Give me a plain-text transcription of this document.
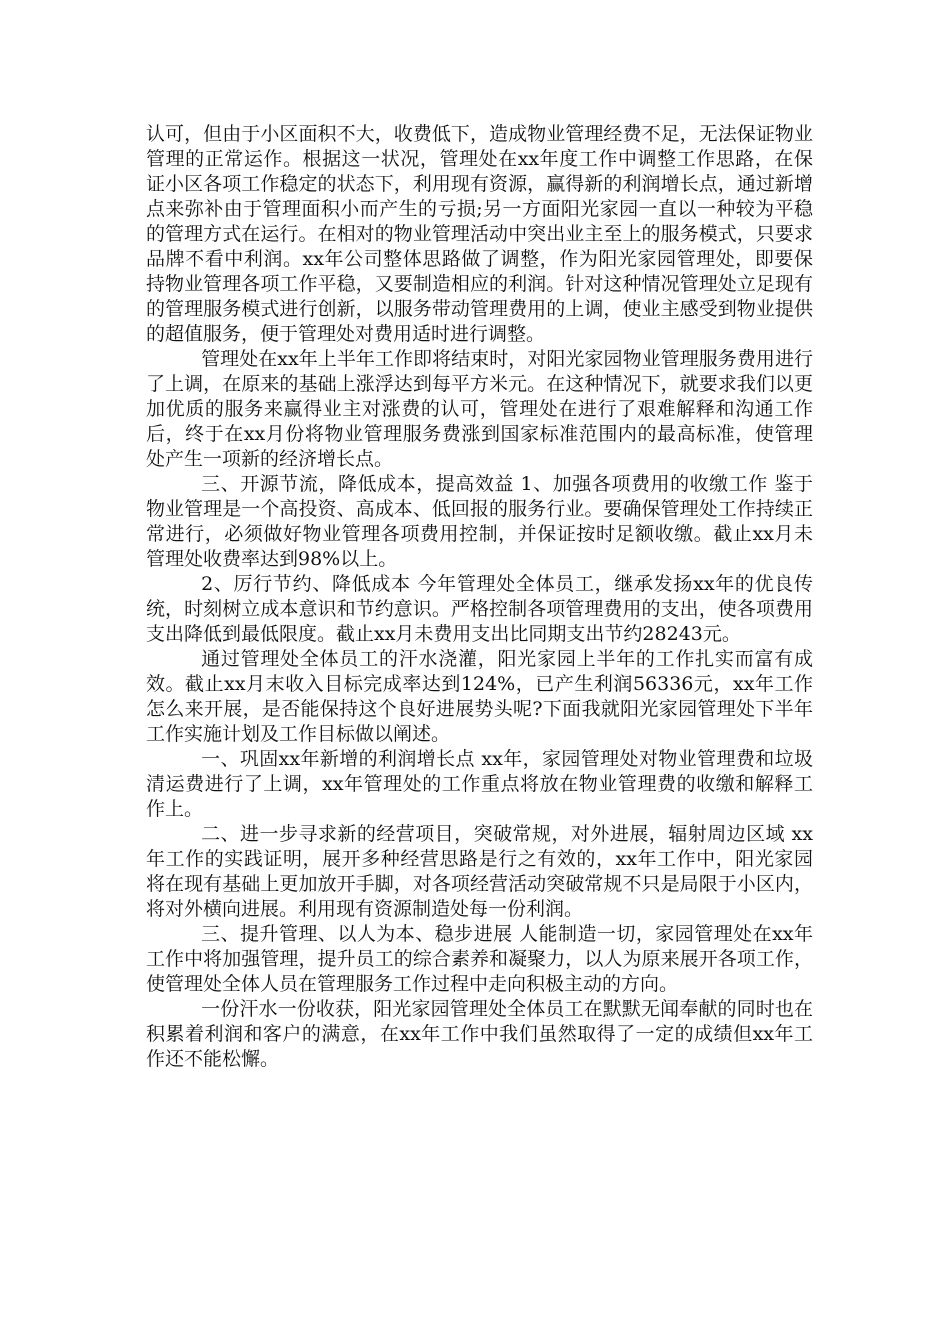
认可，但由于小区面积不大，收费低下，造成物业管理经费不足，无法保证物业管理的正常运作。根据这一状况，管理处在xx年度工作中调整工作思路，在保证小区各项工作稳定的状态下，利用现有资源，赢得新的利润增长点，通过新增点来弥补由于管理面积小而产生的亏损;另一方面阳光家园一直以一种较为平稳的管理方式在运行。在相对的物业管理活动中突出业主至上的服务模式，只要求品牌不看中利润。xx年公司整体思路做了调整，作为阳光家园管理处，即要保持物业管理各项工作平稳，又要制造相应的利润。针对这种情况管理处立足现有的管理服务模式进行创新，以服务带动管理费用的上调，使业主感受到物业提供的超值服务，便于管理处对费用适时进行调整。

管理处在xx年上半年工作即将结束时，对阳光家园物业管理服务费用进行了上调，在原来的基础上涨浮达到每平方米元。在这种情况下，就要求我们以更加优质的服务来赢得业主对涨费的认可，管理处在进行了艰难解释和沟通工作后，终于在xx月份将物业管理服务费涨到国家标准范围内的最高标准，使管理处产生一项新的经济增长点。

三、开源节流，降低成本，提高效益 1、加强各项费用的收缴工作 鉴于物业管理是一个高投资、高成本、低回报的服务行业。要确保管理处工作持续正常进行，必须做好物业管理各项费用控制，并保证按时足额收缴。截止xx月未管理处收费率达到98%以上。

2、厉行节约、降低成本 今年管理处全体员工，继承发扬xx年的优良传统，时刻树立成本意识和节约意识。严格控制各项管理费用的支出，使各项费用支出降低到最低限度。截止xx月未费用支出比同期支出节约28243元。

通过管理处全体员工的汗水浇灌，阳光家园上半年的工作扎实而富有成效。截止xx月末收入目标完成率达到124%，已产生利润56336元，xx年工作怎么来开展，是否能保持这个良好进展势头呢?下面我就阳光家园管理处下半年工作实施计划及工作目标做以阐述。

一、巩固xx年新增的利润增长点 xx年，家园管理处对物业管理费和垃圾清运费进行了上调，xx年管理处的工作重点将放在物业管理费的收缴和解释工作上。

二、进一步寻求新的经营项目，突破常规，对外进展，辐射周边区域 xx年工作的实践证明，展开多种经营思路是行之有效的，xx年工作中，阳光家园将在现有基础上更加放开手脚，对各项经营活动突破常规不只是局限于小区内，将对外横向进展。利用现有资源制造处每一份利润。

三、提升管理、以人为本、稳步进展 人能制造一切，家园管理处在xx年工作中将加强管理，提升员工的综合素养和凝聚力，以人为原来展开各项工作，使管理处全体人员在管理服务工作过程中走向积极主动的方向。

一份汗水一份收获，阳光家园管理处全体员工在默默无闻奉献的同时也在积累着利润和客户的满意，在xx年工作中我们虽然取得了一定的成绩但xx年工作还不能松懈。
